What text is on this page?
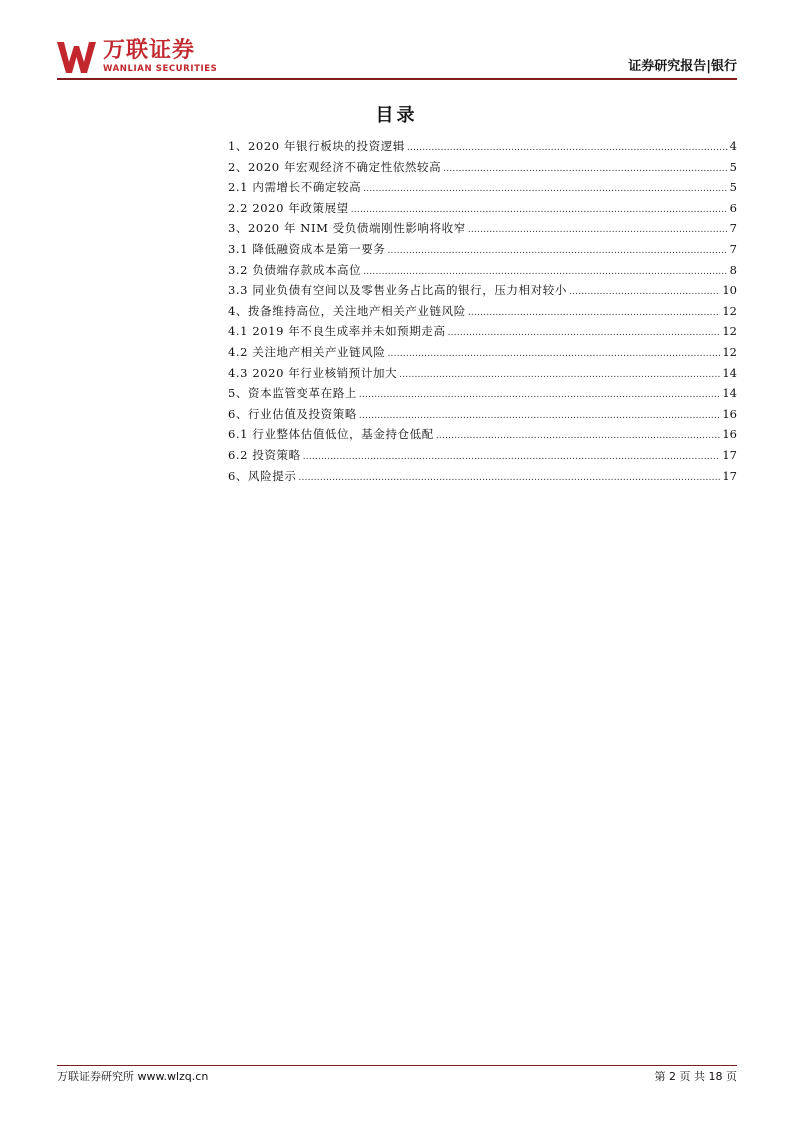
万联证券
WANLIAN SECURITIES	证券研究报告|银行
目录
1、2020 年银行板块的投资逻辑 .....	4
2、2020 年宏观经济不确定性依然较高 .....	5
2.1 内需增长不确定较高 .....	5
2.2 2020 年政策展望 .....	6
3、2020 年 NIM 受负债端刚性影响将收窄 .....	7
3.1 降低融资成本是第一要务 .....	7
3.2 负债端存款成本高位 .....	8
3.3 同业负债有空间以及零售业务占比高的银行，压力相对较小 .....	10
4、拨备维持高位，关注地产相关产业链风险 .....	12
4.1 2019 年不良生成率并未如预期走高 .....	12
4.2 关注地产相关产业链风险 .....	12
4.3 2020 年行业核销预计加大 .....	14
5、资本监管变革在路上 .....	14
6、行业估值及投资策略 .....	16
6.1 行业整体估值低位，基金持仓低配 .....	16
6.2 投资策略 .....	17
6、风险提示 .....	17
万联证券研究所 www.wlzq.cn	第 2 页 共 18 页
